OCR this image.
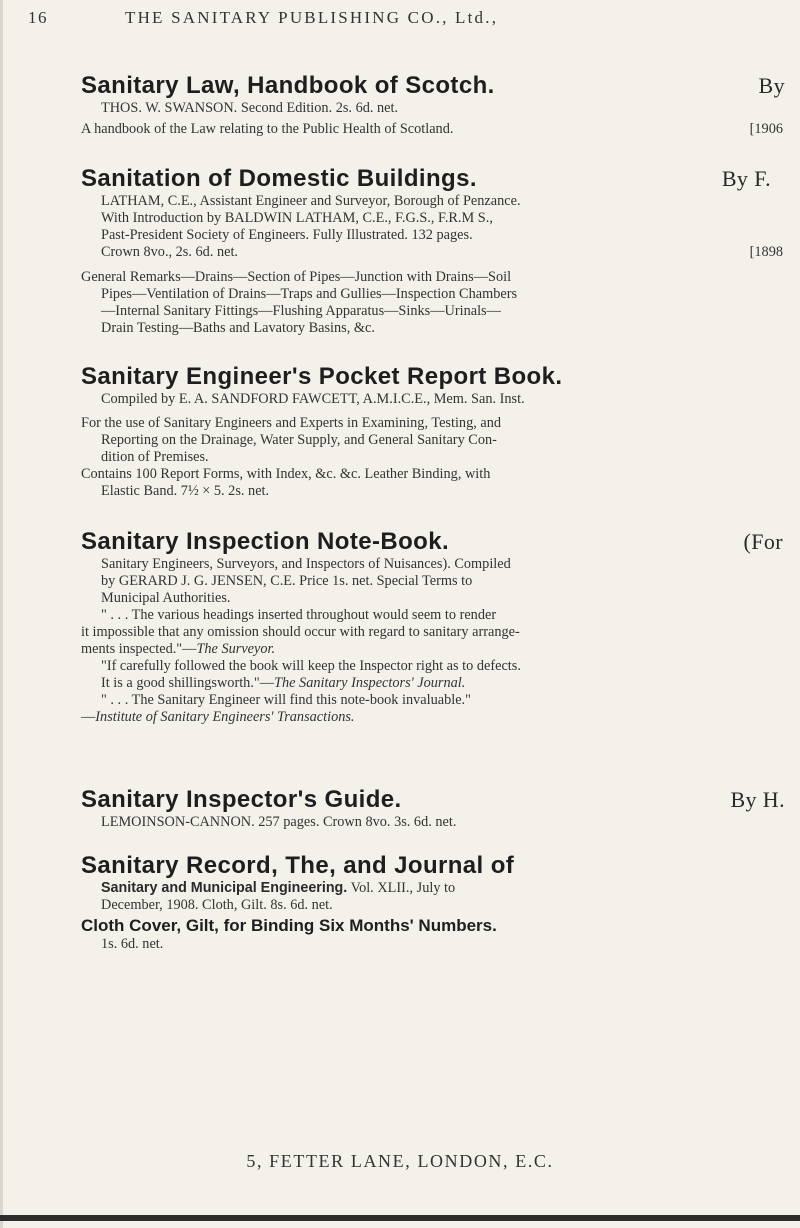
16	THE SANITARY PUBLISHING CO., Ltd.,
Sanitary Law, Handbook of Scotch.	By
THOS. W. SWANSON. Second Edition. 2s. 6d. net.
A handbook of the Law relating to the Public Health of Scotland.	[1906
Sanitation of Domestic Buildings.	By F.
LATHAM, C.E., Assistant Engineer and Surveyor, Borough of Penzance.
With Introduction by BALDWIN LATHAM, C.E., F.G.S., F.R.M S.,
Past-President Society of Engineers. Fully Illustrated. 132 pages.
Crown 8vo., 2s. 6d. net.	[1898
General Remarks—Drains—Section of Pipes—Junction with Drains—Soil
Pipes—Ventilation of Drains—Traps and Gullies—Inspection Chambers
—Internal Sanitary Fittings—Flushing Apparatus—Sinks—Urinals—
Drain Testing—Baths and Lavatory Basins, &c.
Sanitary Engineer's Pocket Report Book.
Compiled by E. A. SANDFORD FAWCETT, A.M.I.C.E., Mem. San. Inst.
For the use of Sanitary Engineers and Experts in Examining, Testing, and
Reporting on the Drainage, Water Supply, and General Sanitary Con-
dition of Premises.
Contains 100 Report Forms, with Index, &c. &c. Leather Binding, with
Elastic Band. 7½ × 5. 2s. net.
Sanitary Inspection Note-Book.	(For
Sanitary Engineers, Surveyors, and Inspectors of Nuisances). Compiled
by GERARD J. G. JENSEN, C.E. Price 1s. net. Special Terms to
Municipal Authorities.
" . . . The various headings inserted throughout would seem to render
it impossible that any omission should occur with regard to sanitary arrange-
ments inspected."—The Surveyor.
"If carefully followed the book will keep the Inspector right as to defects.
It is a good shillingsworth."—The Sanitary Inspectors' Journal.
" . . . The Sanitary Engineer will find this note-book invaluable."
—Institute of Sanitary Engineers' Transactions.
Sanitary Inspector's Guide.	By H.
LEMOINSON-CANNON. 257 pages. Crown 8vo. 3s. 6d. net.
Sanitary Record, The, and Journal of
Sanitary and Municipal Engineering. Vol. XLII., July to
December, 1908. Cloth, Gilt. 8s. 6d. net.
Cloth Cover, Gilt, for Binding Six Months' Numbers.
1s. 6d. net.
5, FETTER LANE, LONDON, E.C.
